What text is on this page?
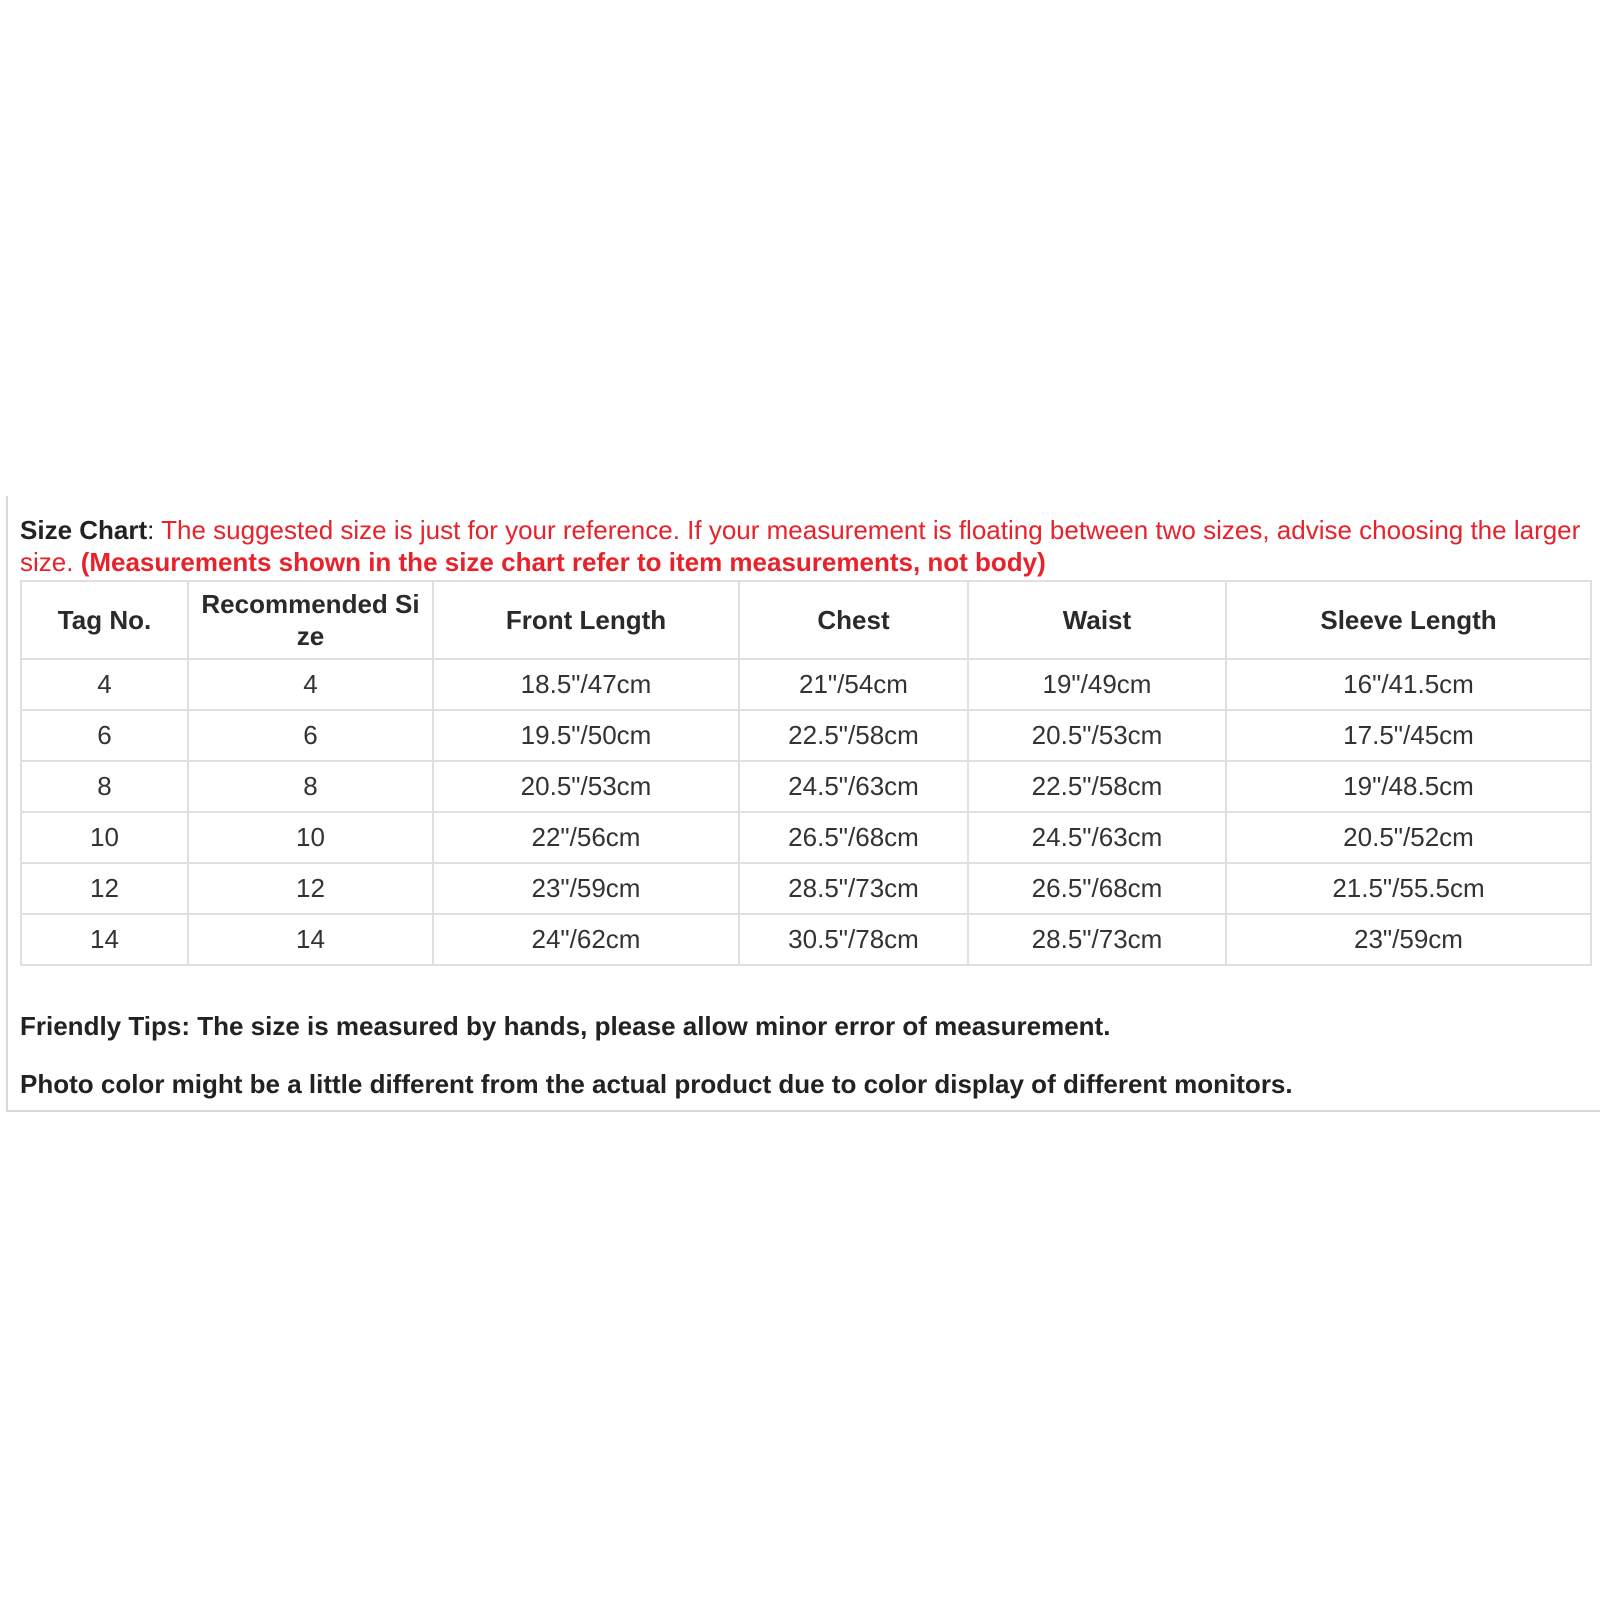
Size Chart: The suggested size is just for your reference. If your measurement is floating between two sizes, advise choosing the larger size. (Measurements shown in the size chart refer to item measurements, not body)
Tag No.	Recommended Si ze	Front Length	Chest	Waist	Sleeve Length
4	4	18.5"/47cm	21"/54cm	19"/49cm	16"/41.5cm
6	6	19.5"/50cm	22.5"/58cm	20.5"/53cm	17.5"/45cm
8	8	20.5"/53cm	24.5"/63cm	22.5"/58cm	19"/48.5cm
10	10	22"/56cm	26.5"/68cm	24.5"/63cm	20.5"/52cm
12	12	23"/59cm	28.5"/73cm	26.5"/68cm	21.5"/55.5cm
14	14	24"/62cm	30.5"/78cm	28.5"/73cm	23"/59cm
Friendly Tips: The size is measured by hands, please allow minor error of measurement.
Photo color might be a little different from the actual product due to color display of different monitors.
